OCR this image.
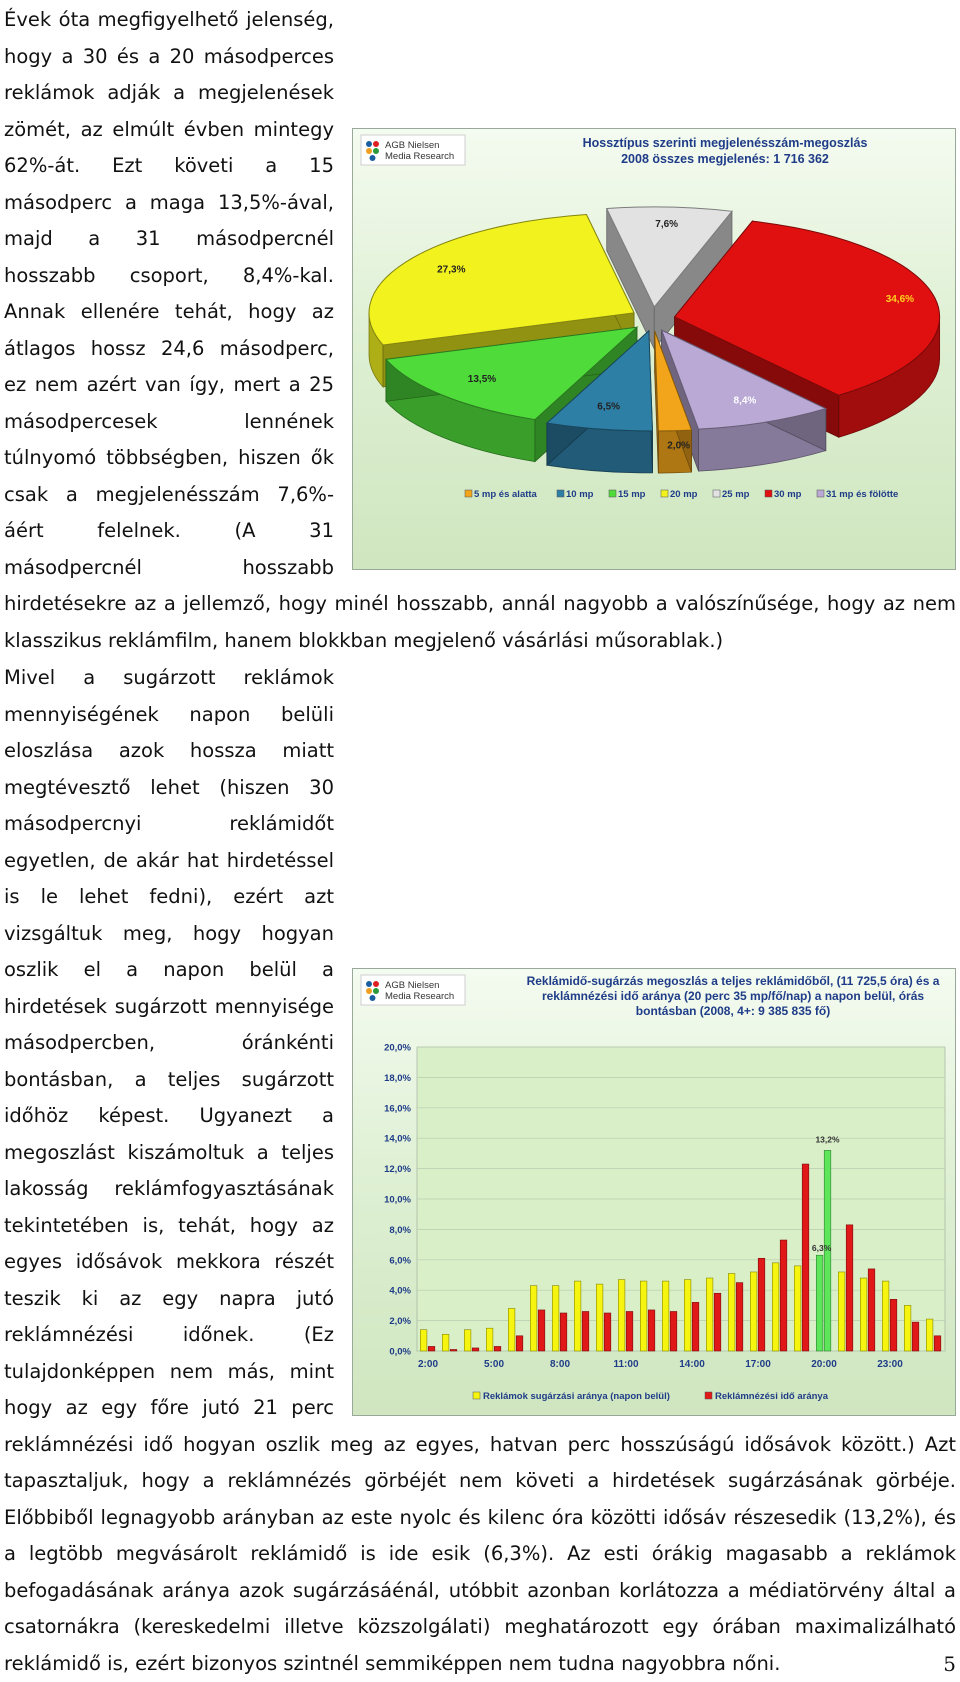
AGB Nielsen
Media Research
Hossztípus szerinti megjelenésszám-megoszlás
2008 összes megjelenés: 1 716 362
2,0%
6,5%
13,5%
27,3%
7,6%
34,6%
8,4%
5 mp és alatta	10 mp	15 mp	20 mp	25 mp	30 mp	31 mp és fölötte
Évek óta megfigyelhető jelenség, hogy a 30 és a 20 másodperces reklámok adják a megjelenések zömét, az elmúlt évben mintegy 62%-át. Ezt követi a 15 másodperc a maga 13,5%-ával, majd a 31 másodpercnél hosszabb csoport, 8,4%-kal. Annak ellenére tehát, hogy az átlagos hossz 24,6 másodperc, ez nem azért van így, mert a 25 másodpercesek lennének túlnyomó többségben, hiszen ők csak a megjelenésszám 7,6%-áért felelnek. (A 31 másodpercnél hosszabb hirdetésekre az a jellemző, hogy minél hosszabb, annál nagyobb a valószínűsége, hogy az nem klasszikus reklámfilm, hanem blokkban megjelenő vásárlási műsorablak.)
AGB Nielsen
Media Research
Reklámidő-sugárzás megoszlás a teljes reklámidőből, (11 725,5 óra) és a
reklámnézési idő aránya (20 perc 35 mp/fő/nap) a napon belül, órás
bontásban (2008, 4+: 9 385 835 fő)
0,0%
2,0%
4,0%
6,0%
8,0%
10,0%
12,0%
14,0%
16,0%
18,0%
20,0%
2:00	5:00	8:00	11:00	14:00	17:00	20:00	23:00
13,2%
6,3%
Reklámok sugárzási aránya (napon belül)	Reklámnézési idő aránya
Mivel a sugárzott reklámok mennyiségének napon belüli eloszlása azok hossza miatt megtévesztő lehet (hiszen 30 másodpercnyi reklámidőt egyetlen, de akár hat hirdetéssel is le lehet fedni), ezért azt vizsgáltuk meg, hogy hogyan oszlik el a napon belül a hirdetések sugárzott mennyisége másodpercben, óránkénti bontásban, a teljes sugárzott időhöz képest. Ugyanezt a megoszlást kiszámoltuk a teljes lakosság reklámfogyasztásának tekintetében is, tehát, hogy az egyes idősávok mekkora részét teszik ki az egy napra jutó reklámnézési időnek. (Ez tulajdonképpen nem más, mint hogy az egy főre jutó 21 perc reklámnézési idő hogyan oszlik meg az egyes, hatvan perc hosszúságú idősávok között.) Azt tapasztaljuk, hogy a reklámnézés görbéjét nem követi a hirdetések sugárzásának görbéje. Előbbiből legnagyobb arányban az este nyolc és kilenc óra közötti idősáv részesedik (13,2%), és a legtöbb megvásárolt reklámidő is ide esik (6,3%). Az esti órákig magasabb a reklámok befogadásának aránya azok sugárzásáénál, utóbbit azonban korlátozza a médiatörvény által a csatornákra (kereskedelmi illetve közszolgálati) meghatározott egy órában maximalizálható reklámidő is, ezért bizonyos szintnél semmiképpen nem tudna nagyobbra nőni.	5
